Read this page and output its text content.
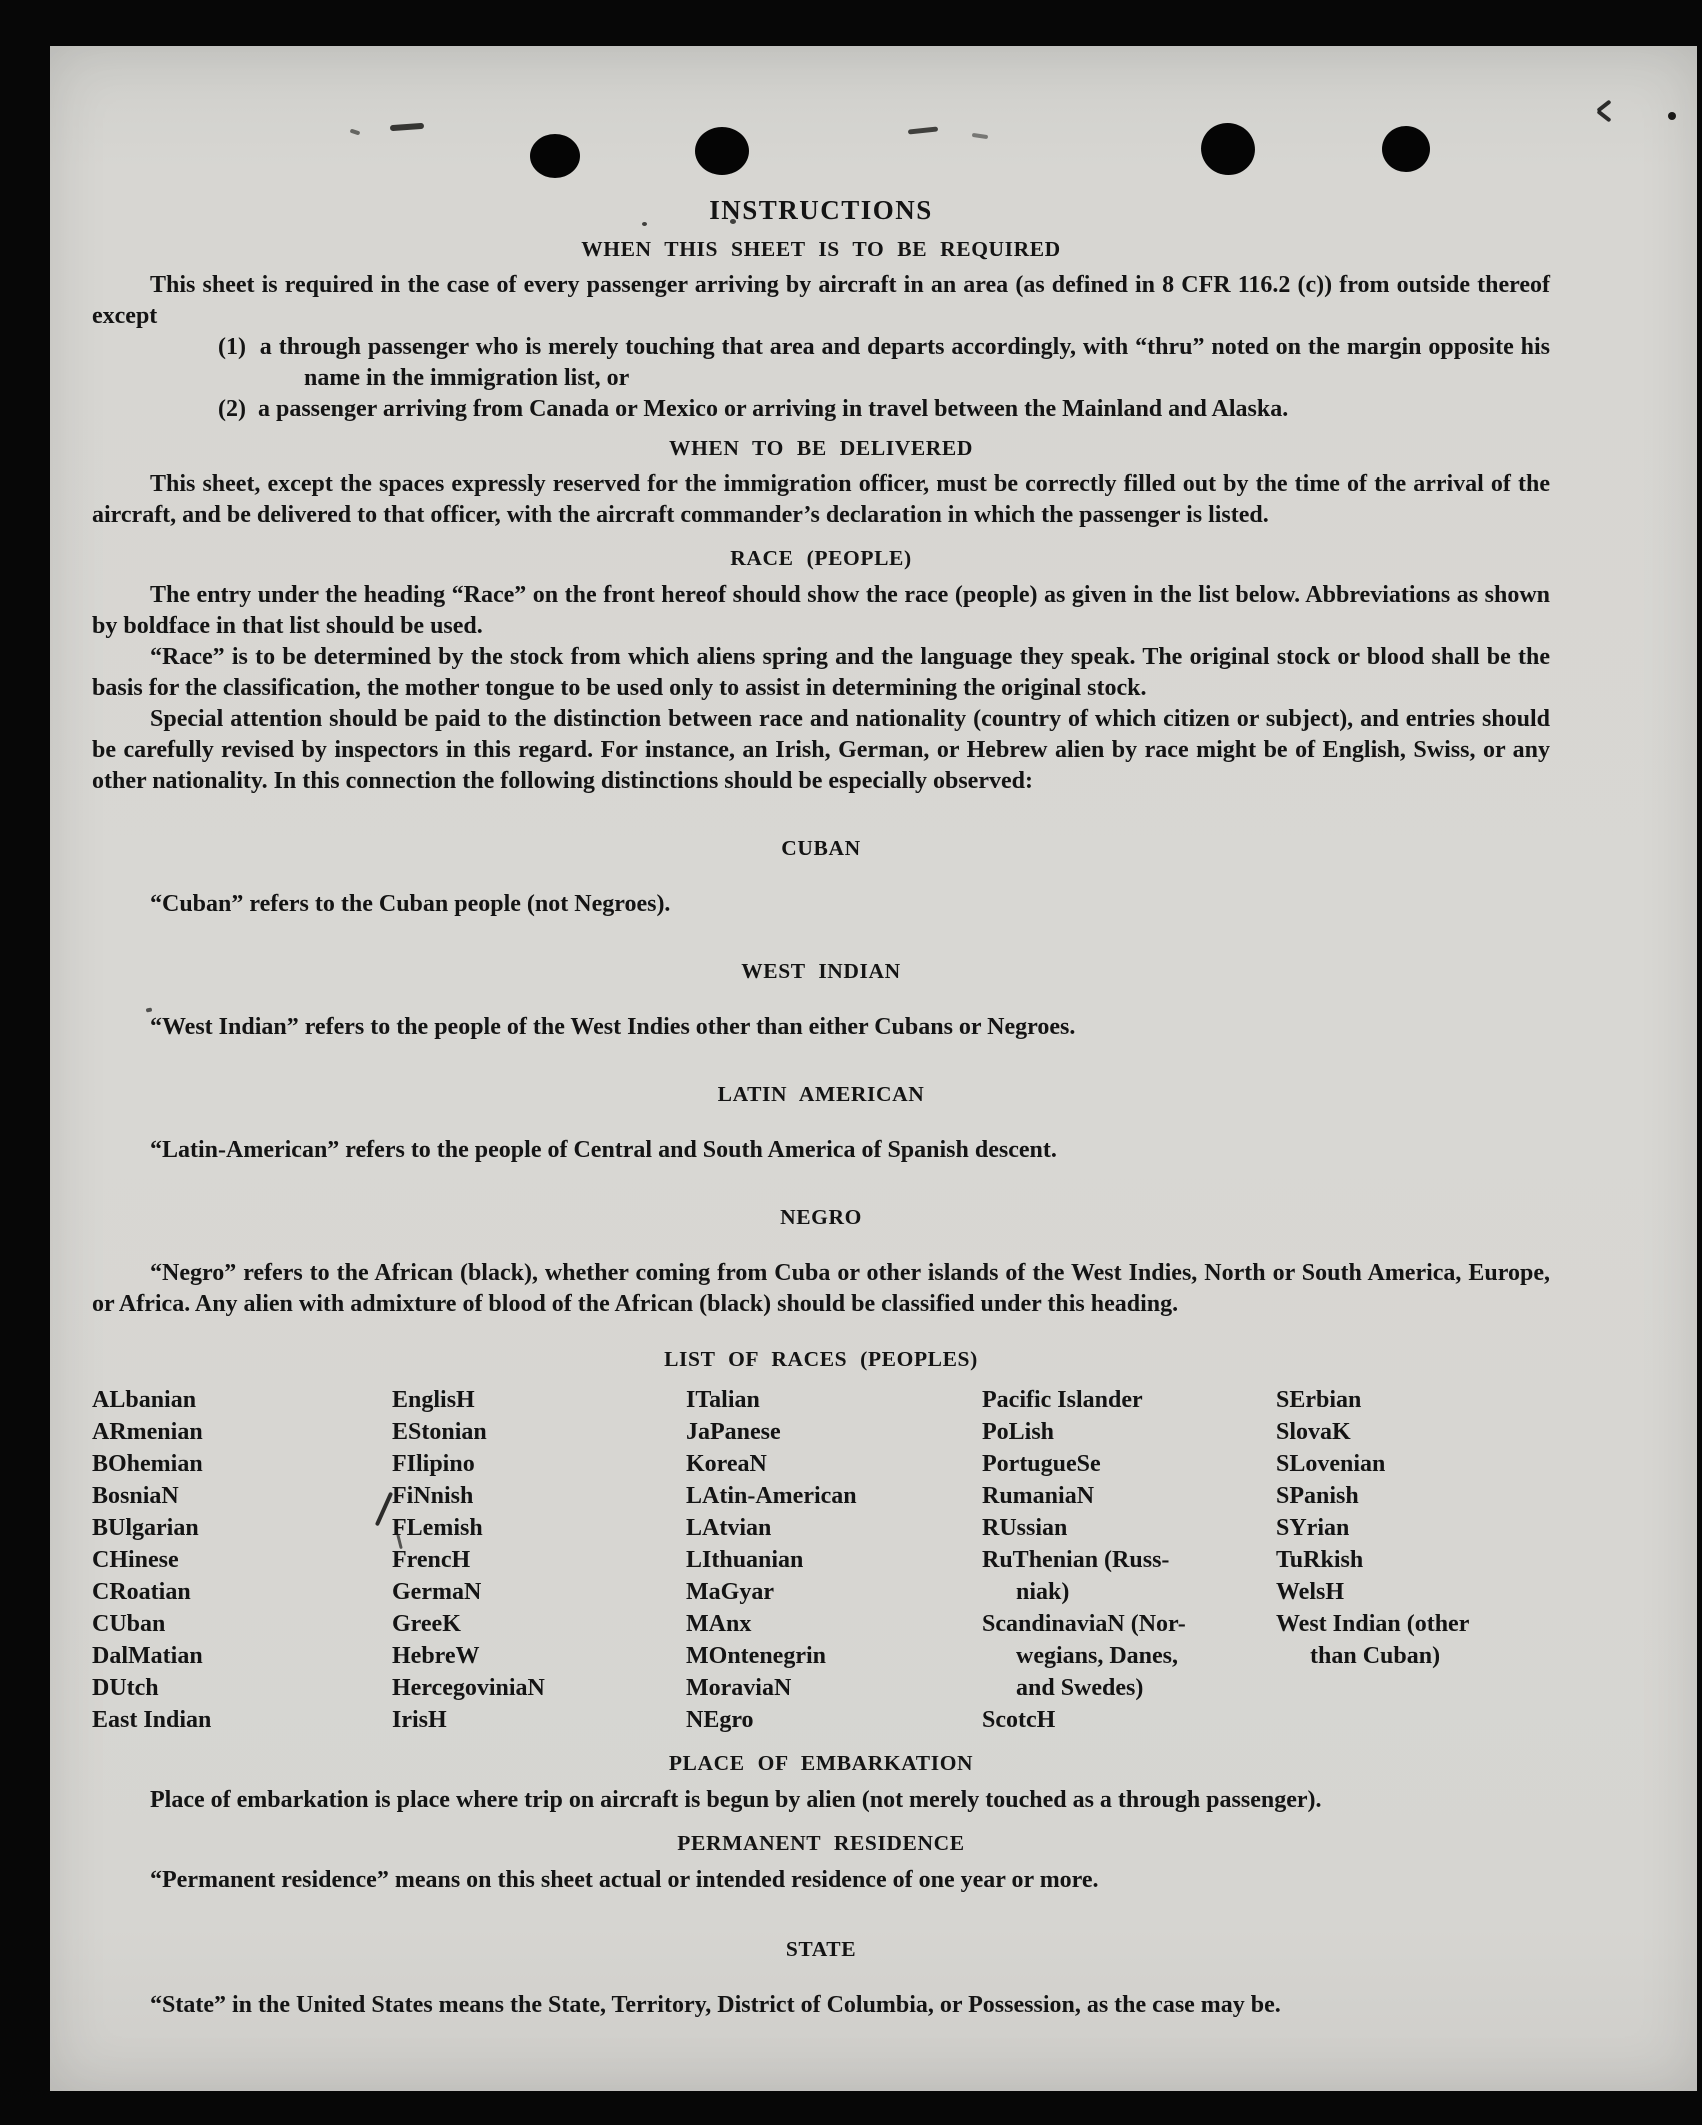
INSTRUCTIONS
WHEN THIS SHEET IS TO BE REQUIRED

This sheet is required in the case of every passenger arriving by aircraft in an area (as defined in 8 CFR 116.2 (c)) from outside thereof except

(1)  a through passenger who is merely touching that area and departs accordingly, with “thru” noted on the margin opposite his name in the immigration list, or

(2)  a passenger arriving from Canada or Mexico or arriving in travel between the Mainland and Alaska.

WHEN TO BE DELIVERED

This sheet, except the spaces expressly reserved for the immigration officer, must be correctly filled out by the time of the arrival of the aircraft, and be delivered to that officer, with the aircraft commander’s declaration in which the passenger is listed.

RACE (PEOPLE)

The entry under the heading “Race” on the front hereof should show the race (people) as given in the list below. Abbreviations as shown by boldface in that list should be used.

“Race” is to be determined by the stock from which aliens spring and the language they speak. The original stock or blood shall be the basis for the classification, the mother tongue to be used only to assist in determining the original stock.

Special attention should be paid to the distinction between race and nationality (country of which citizen or subject), and entries should be carefully revised by inspectors in this regard. For instance, an Irish, German, or Hebrew alien by race might be of English, Swiss, or any other nationality. In this connection the following distinctions should be especially observed:

CUBAN

“Cuban” refers to the Cuban people (not Negroes).

WEST INDIAN

“West Indian” refers to the people of the West Indies other than either Cubans or Negroes.

LATIN AMERICAN

“Latin-American” refers to the people of Central and South America of Spanish descent.

NEGRO

“Negro” refers to the African (black), whether coming from Cuba or other islands of the West Indies, North or South America, Europe, or Africa. Any alien with admixture of blood of the African (black) should be classified under this heading.

LIST OF RACES (PEOPLES)
ALbanian
ARmenian
BOhemian
BosniaN
BUlgarian
CHinese
CRoatian
CUban
DalMatian
DUtch
East Indian
EnglisH
EStonian
FIlipino
FiNnish
FLemish
FrencH
GermaN
GreeK
HebreW
HercegoviniaN
IrisH
ITalian
JaPanese
KoreaN
LAtin-American
LAtvian
LIthuanian
MaGyar
MAnx
MOntenegrin
MoraviaN
NEgro
Pacific Islander
PoLish
PortugueSe
RumaniaN
RUssian
RuThenian (Russ-
niak)
ScandinaviaN (Nor-
wegians, Danes,
and Swedes)
ScotcH
SErbian
SlovaK
SLovenian
SPanish
SYrian
TuRkish
WelsH
West Indian (other
than Cuban)
PLACE OF EMBARKATION

Place of embarkation is place where trip on aircraft is begun by alien (not merely touched as a through passenger).

PERMANENT RESIDENCE

“Permanent residence” means on this sheet actual or intended residence of one year or more.

STATE

“State” in the United States means the State, Territory, District of Columbia, or Possession, as the case may be.
